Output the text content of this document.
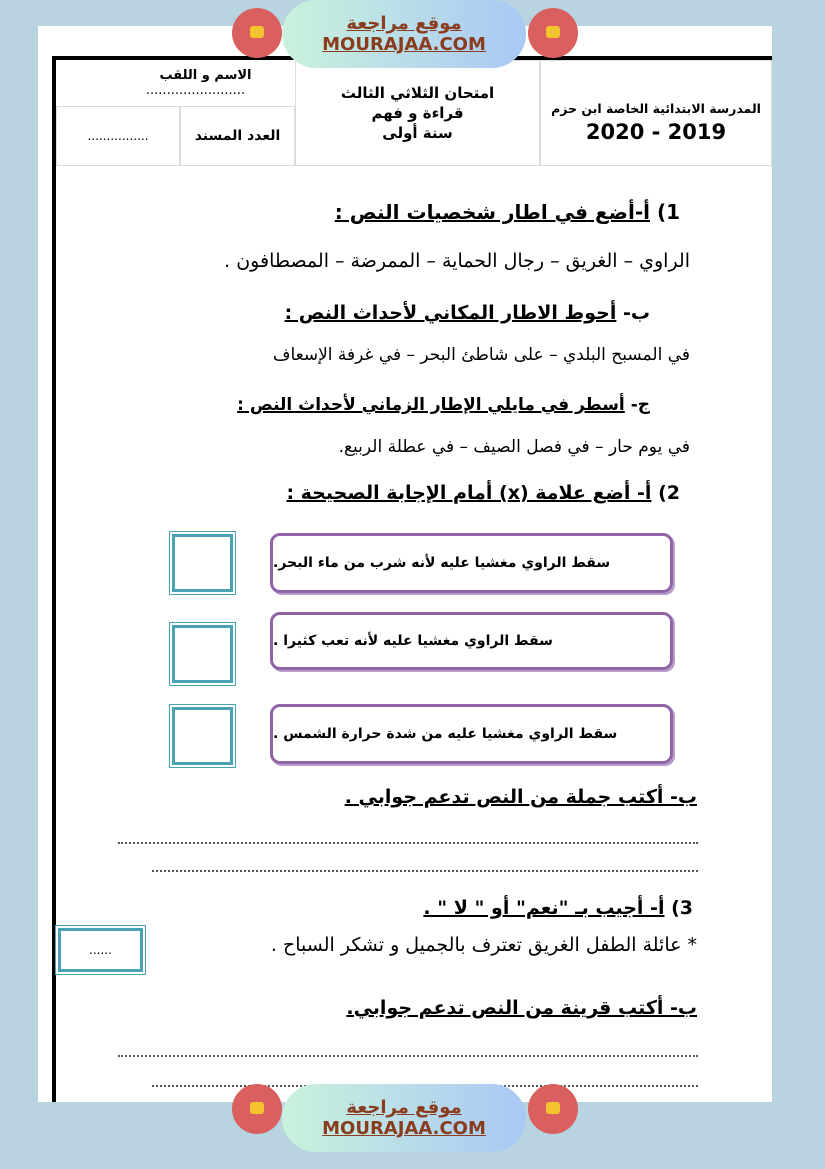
المدرسة الابتدائية الخاصة ابن حزم
2020 - 2019
امتحان الثلاثي الثالث
قراءة و فهم
سنة أولى
الاسم و اللقب
........................
العدد المسند
................
1) أ-أضع في اطار شخصيات النص :
الراوي – الغريق – رجال الحماية – الممرضة – المصطافون .
ب- أحوط الاطار المكاني لأحداث النص :
في المسبح البلدي – على شاطئ البحر – في غرفة الإسعاف
ج- أسطر في مايلي الإطار الزماني لأحداث النص :
في يوم حار – في فصل الصيف – في عطلة الربيع.
2) أ- أضع علامة (x) أمام الإجابة الصحيحة :
سقط الراوي مغشيا عليه لأنه شرب من ماء البحر.
سقط الراوي مغشيا عليه لأنه تعب كثيرا .
سقط الراوي مغشيا عليه من شدة حرارة الشمس .
ب- أكتب جملة من النص تدعم جوابي .
3) أ- أجيب بـ "نعم" أو " لا " .
* عائلة الطفل الغريق تعترف بالجميل و تشكر السباح .
......
ب- أكتب قرينة من النص تدعم جوابي.
موقع مراجعة
MOURAJAA.COM
موقع مراجعة
MOURAJAA.COM
